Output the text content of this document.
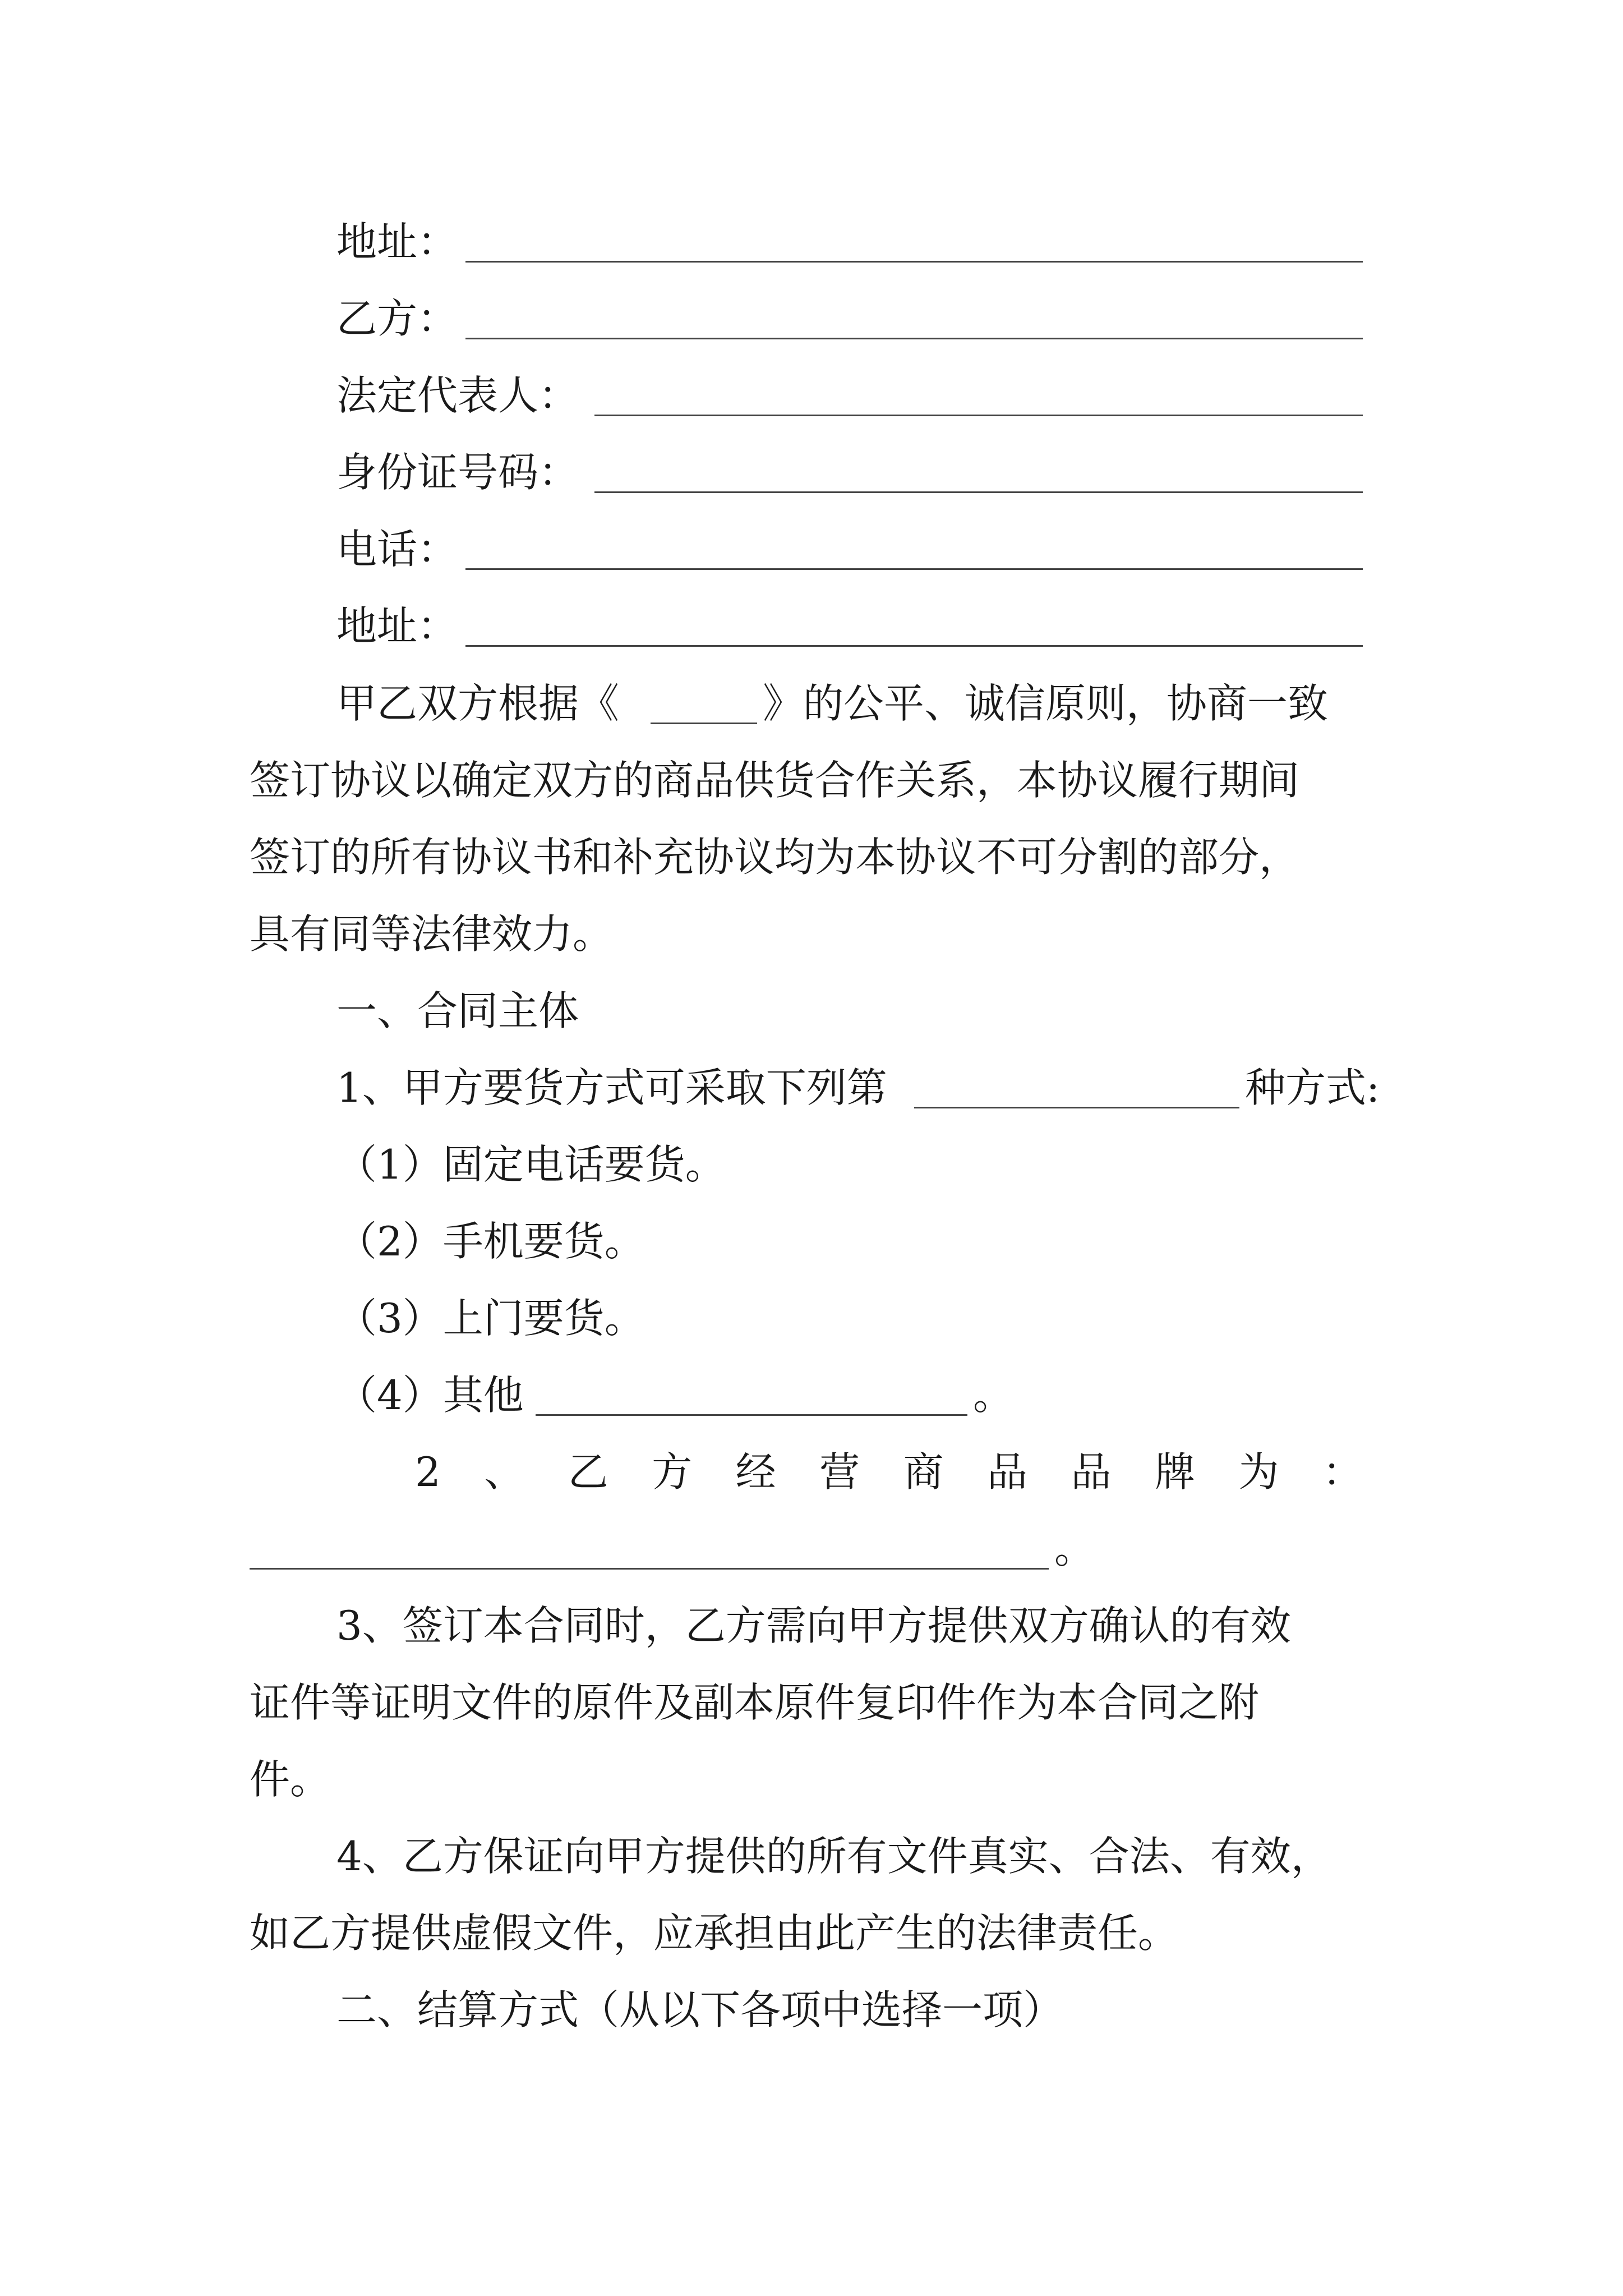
地址：
乙方：
法定代表人：
身份证号码：
电话：
地址：
甲乙双方根据《	》的公平、诚信原则，协商一致
签订协议以确定双方的商品供货合作关系，本协议履行期间
签订的所有协议书和补充协议均为本协议不可分割的部分，
具有同等法律效力。
一、合同主体
1、甲方要货方式可采取下列第	种方式:
（1）固定电话要货。
（2）手机要货。
（3）上门要货。
（4）其他	。
2 、 乙 方 经 营 商 品 品 牌 为 ：
。
3、签订本合同时，乙方需向甲方提供双方确认的有效
证件等证明文件的原件及副本原件复印件作为本合同之附
件。
4、乙方保证向甲方提供的所有文件真实、合法、有效，
如乙方提供虚假文件，应承担由此产生的法律责任。
二、结算方式（从以下各项中选择一项）
